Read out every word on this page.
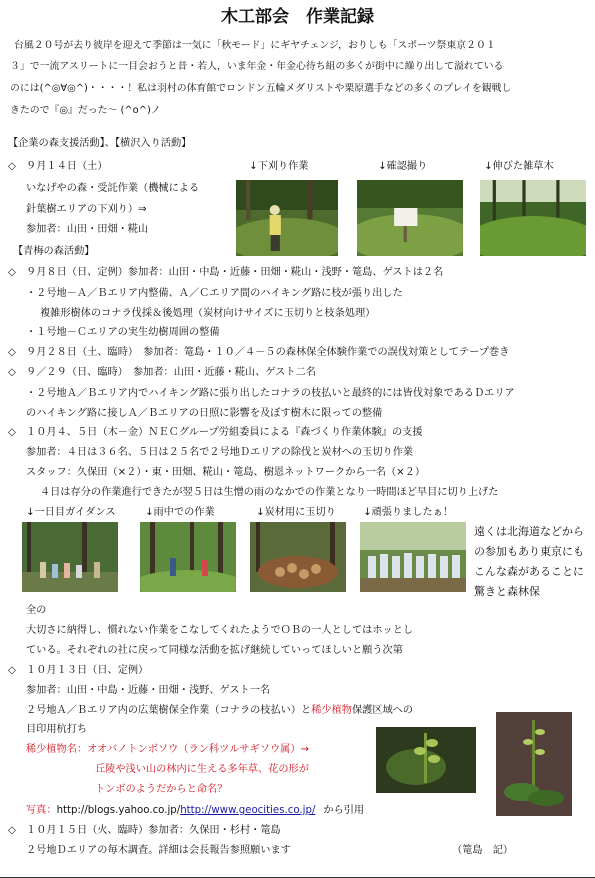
木工部会　作業記録
台風２０号が去り彼岸を迎えて季節は一気に「秋モード」にギヤチェンジ，おりしも「スポーツ祭東京２０１
３」で一流アスリートに一目会おうと昔・若人，いま年金・年金心待ち組の多くが街中に繰り出して溢れている
のには(^◎∀◎^)・・・・！私は羽村の体育館でロンドン五輪メダリストや栗原選手などの多くのプレイを観戦し
きたので『◎』だった～ (^o^)ノ
【企業の森支援活動】、【横沢入り活動】
◇　９月１４日（土）
いなげやの森・受託作業（機械による
針葉樹エリアの下刈り）⇒
参加者：山田・田畑・糀山
↓下刈り作業	↓確認撮り	↓伸びた雑草木
【青梅の森活動】
◇　９月８日（日、定例）参加者：山田・中島・近藤・田畑・糀山・浅野・篭島、ゲストは２名
・２号地－Ａ／Ｂエリア内整備、Ａ／Ｃエリア間のハイキング路に枝が張り出した
複雑形樹体のコナラ伐採＆後処理（炭材向けサイズに玉切りと枝条処理）
・１号地－Ｃエリアの実生幼樹周囲の整備
◇　９月２８日（土、臨時）　参加者：篭島・１０／４－５の森林保全体験作業での誤伐対策としてテープ巻き
◇　９／２９（日、臨時）　参加者：山田・近藤・糀山、ゲスト二名
・２号地Ａ／Ｂエリア内でハイキング路に張り出したコナラの枝払いと最終的には皆伐対象であるＤエリア
のハイキング路に接しＡ／Ｂエリアの日照に影響を及ぼす樹木に限っての整備
◇　１０月４、５日（木－金）ＮＥＣグループ労組委員による『森づくり作業体験』の支援
参加者：４日は３６名、５日は２５名で２号地Ｄエリアの除伐と炭材への玉切り作業
スタッフ：久保田（×２）・東・田畑、糀山・篭島、樹恩ネットワークから一名（×２）
４日は存分の作業進行できたが翌５日は生憎の雨のなかでの作業となり一時間ほど早目に切り上げた
↓一日目ガイダンス	↓雨中での作業	↓炭材用に玉切り	↓頑張りましたぁ！
遠くは北海道などからの参加もあり東京にもこんな森があることに驚きと森林保
全の
大切さに納得し、慣れない作業をこなしてくれたようでＯＢの一人としてはホッとし
ている。それぞれの社に戻って同様な活動を拡げ継続していってほしいと願う次第
◇　１０月１３日（日、定例）
参加者：山田・中島・近藤・田畑・浅野、ゲスト一名
２号地Ａ／Ｂエリア内の広葉樹保全作業（コナラの枝払い）と稀少植物保護区域への
目印用杭打ち
稀少植物名：オオバノトンボソウ（ラン科ツルサギソウ属）→
丘陵や浅い山の林内に生える多年草、花の形が
トンボのようだからと命名？
写真：http://blogs.yahoo.co.jp/http://www.geocities.co.jp/ から引用
◇　１０月１５日（火、臨時）参加者：久保田・杉村・篭島
２号地Ｄエリアの毎木調査。詳細は会長報告参照願います	（篭島　記）
